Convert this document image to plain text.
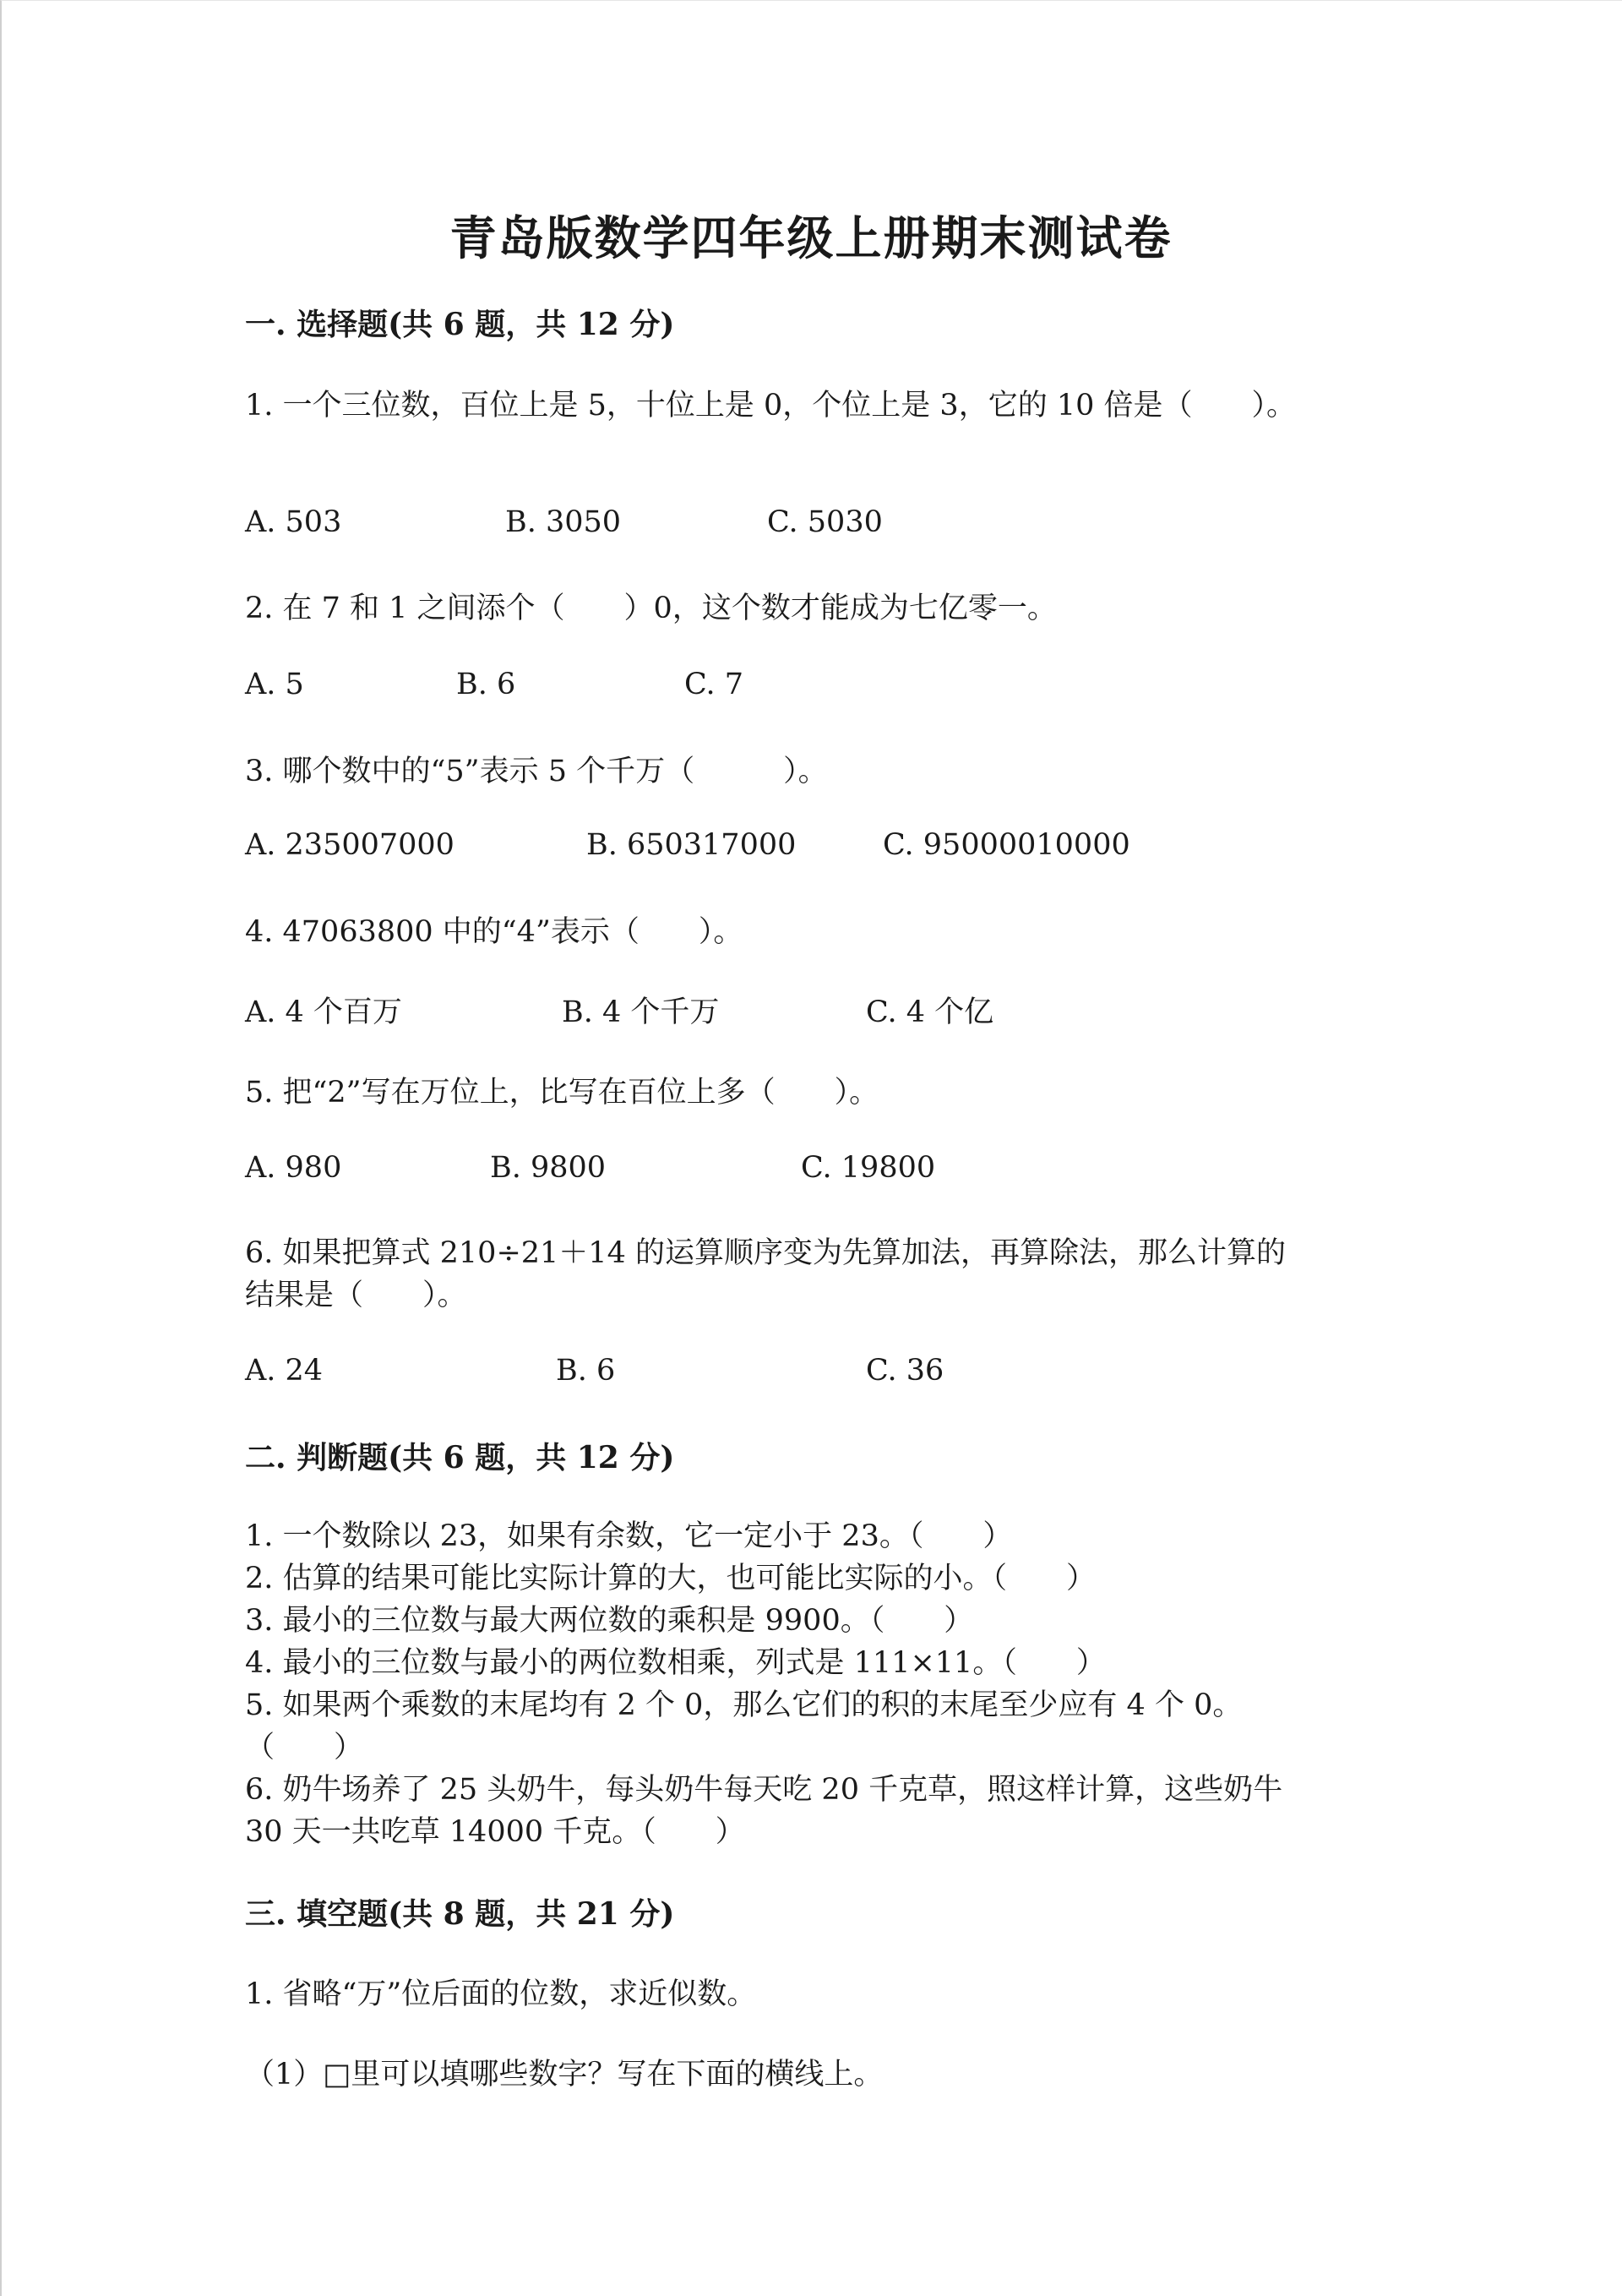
青岛版数学四年级上册期末测试卷
一. 选择题(共 6 题，共 12 分)
1. 一个三位数，百位上是 5，十位上是 0，个位上是 3，它的 10 倍是（　　）。
A. 503	B. 3050	C. 5030
2. 在 7 和 1 之间添个（　　）0，这个数才能成为七亿零一。
A. 5	B. 6	C. 7
3. 哪个数中的“5”表示 5 个千万（　　　）。
A. 235007000	B. 650317000	C. 95000010000
4. 47063800 中的“4”表示（　　）。
A. 4 个百万	B. 4 个千万	C. 4 个亿
5. 把“2”写在万位上，比写在百位上多（　　）。
A. 980	B. 9800	C. 19800
6. 如果把算式 210÷21＋14 的运算顺序变为先算加法，再算除法，那么计算的
结果是（　　）。
A. 24	B. 6	C. 36
二. 判断题(共 6 题，共 12 分)
1. 一个数除以 23，如果有余数，它一定小于 23。（　　）
2. 估算的结果可能比实际计算的大，也可能比实际的小。（　　）
3. 最小的三位数与最大两位数的乘积是 9900。（　　）
4. 最小的三位数与最小的两位数相乘，列式是 111×11。（　　）
5. 如果两个乘数的末尾均有 2 个 0，那么它们的积的末尾至少应有 4 个 0。
（　　）
6. 奶牛场养了 25 头奶牛，每头奶牛每天吃 20 千克草，照这样计算，这些奶牛
30 天一共吃草 14000 千克。（　　）
三. 填空题(共 8 题，共 21 分)
1. 省略“万”位后面的位数，求近似数。
（1）□里可以填哪些数字？写在下面的横线上。
